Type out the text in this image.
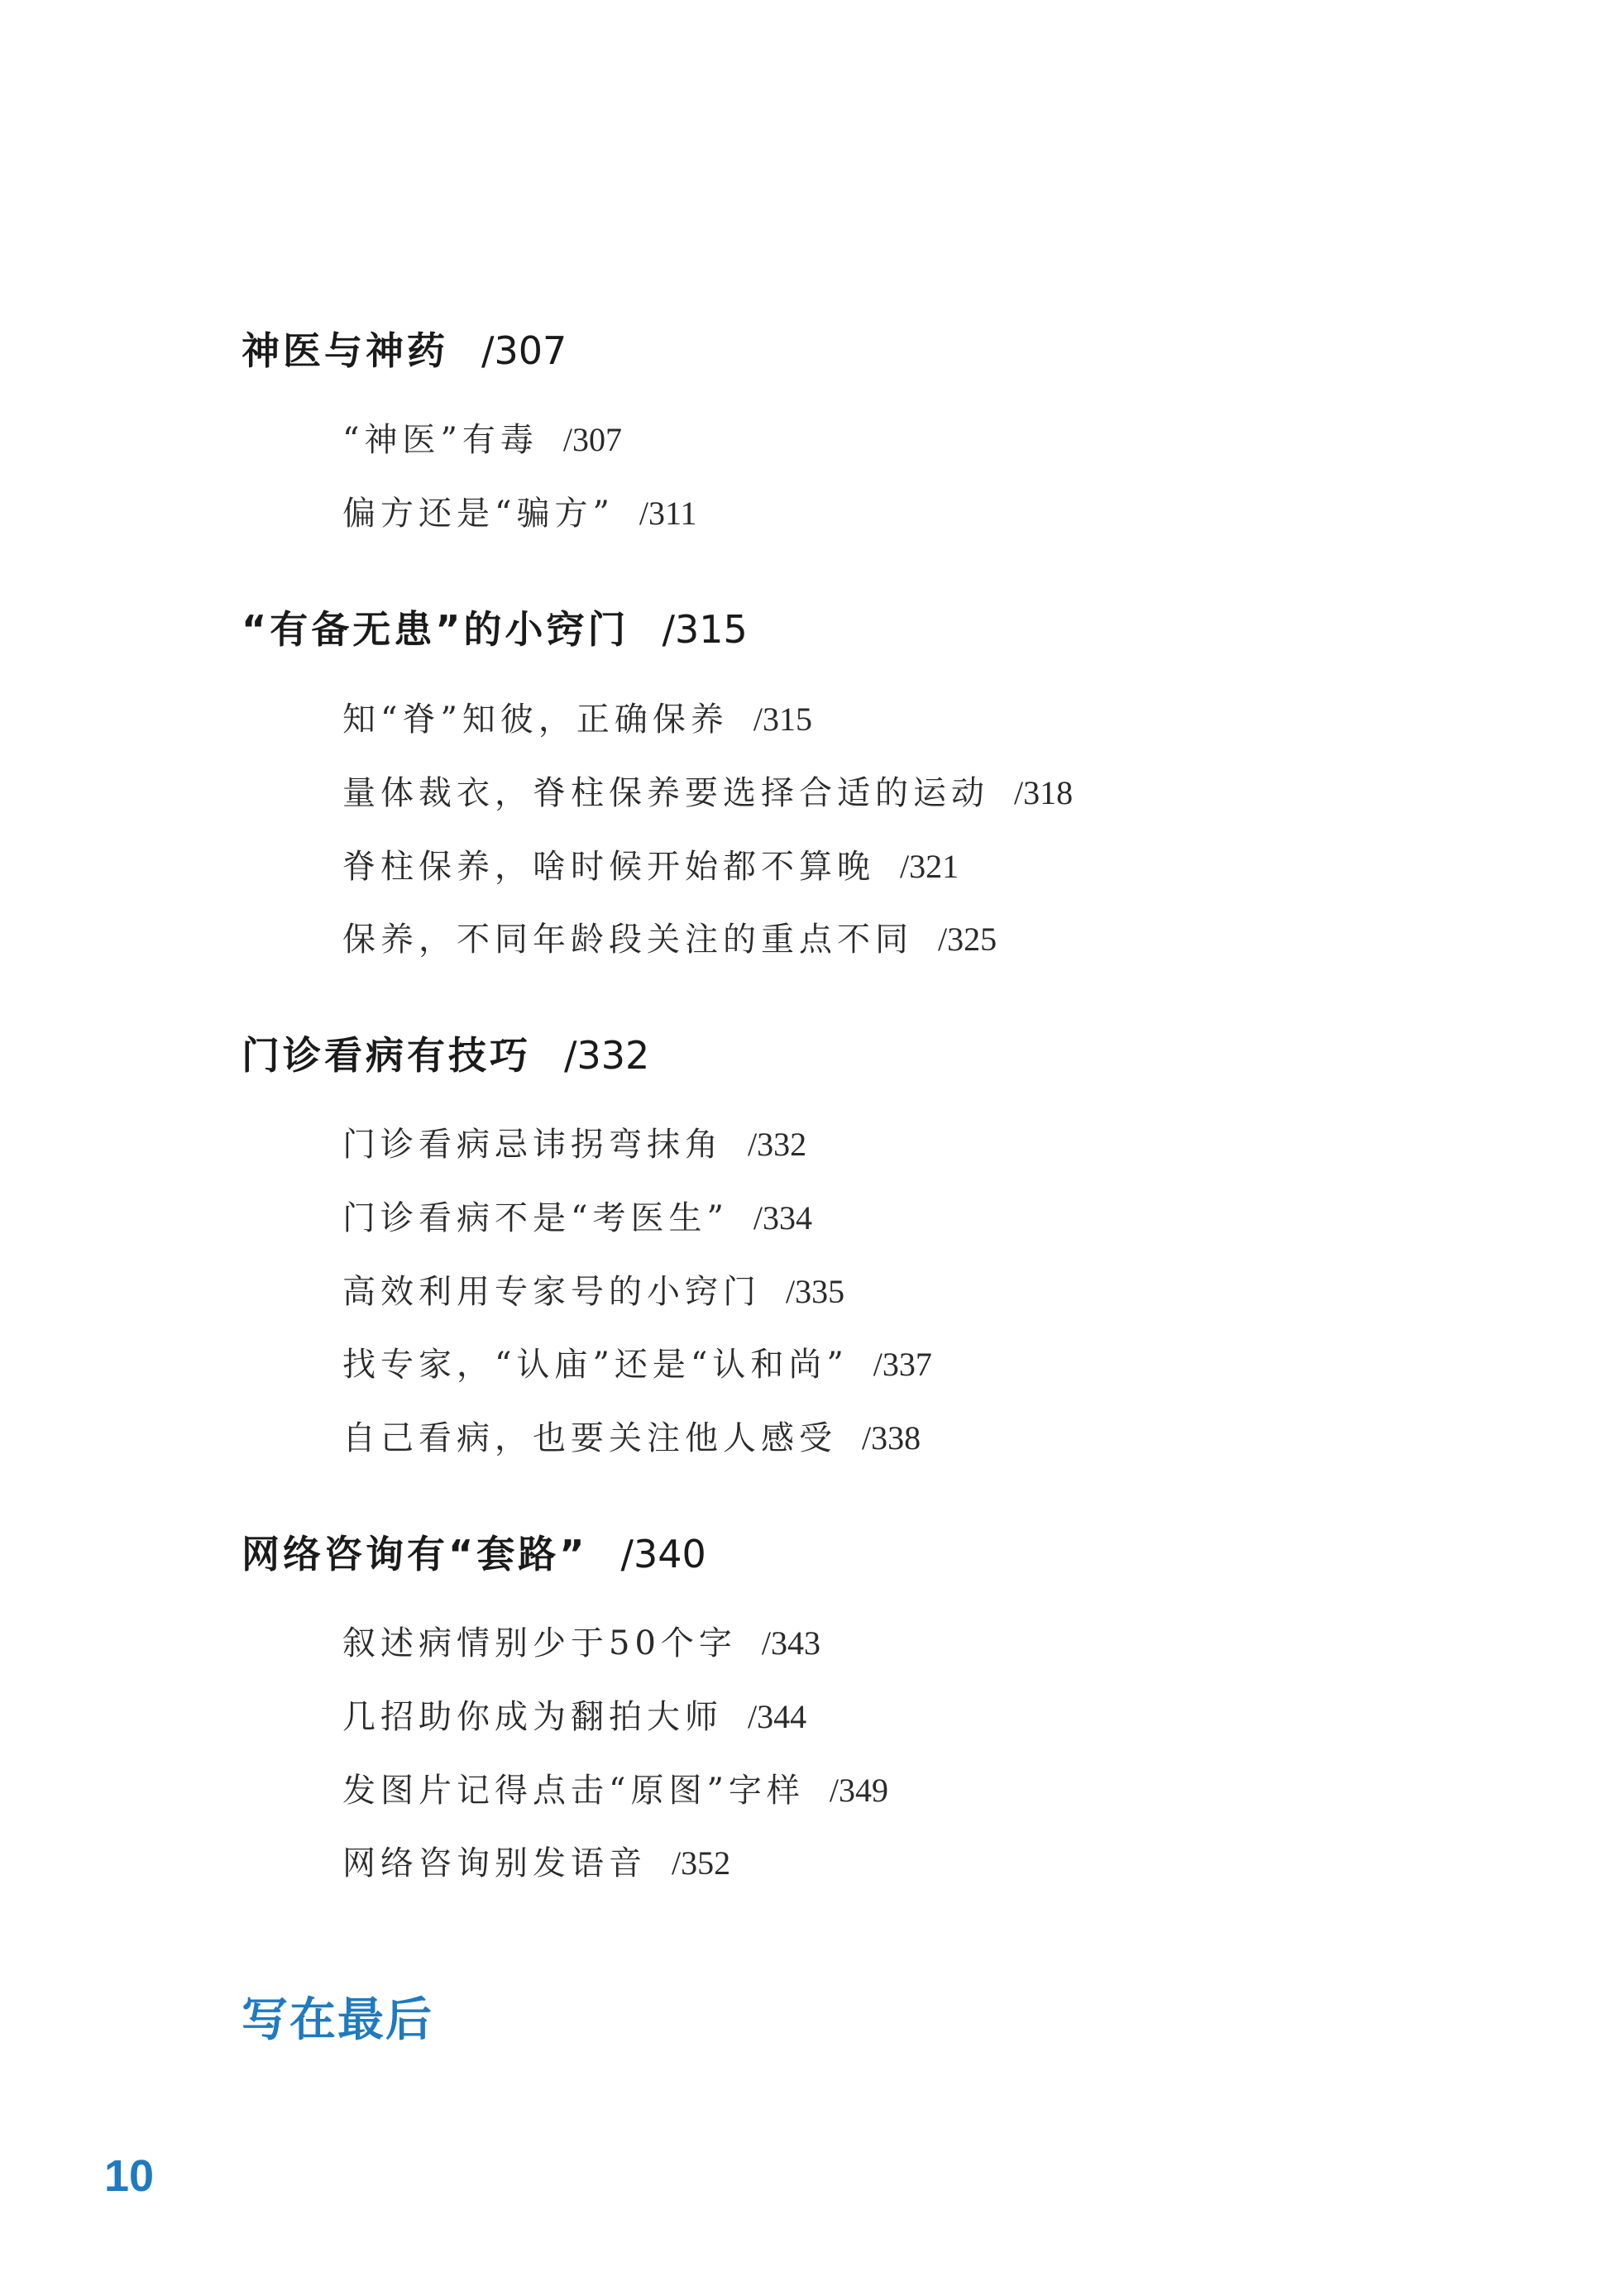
神医与神药 /307
“神医”有毒 /307
偏方还是“骗方” /311
“有备无患”的小窍门 /315
知“脊”知彼，正确保养 /315
量体裁衣，脊柱保养要选择合适的运动 /318
脊柱保养，啥时候开始都不算晚 /321
保养，不同年龄段关注的重点不同 /325
门诊看病有技巧 /332
门诊看病忌讳拐弯抹角 /332
门诊看病不是“考医生” /334
高效利用专家号的小窍门 /335
找专家，“认庙”还是“认和尚” /337
自己看病，也要关注他人感受 /338
网络咨询有“套路” /340
叙述病情别少于50个字 /343
几招助你成为翻拍大师 /344
发图片记得点击“原图”字样 /349
网络咨询别发语音 /352
写在最后
10
